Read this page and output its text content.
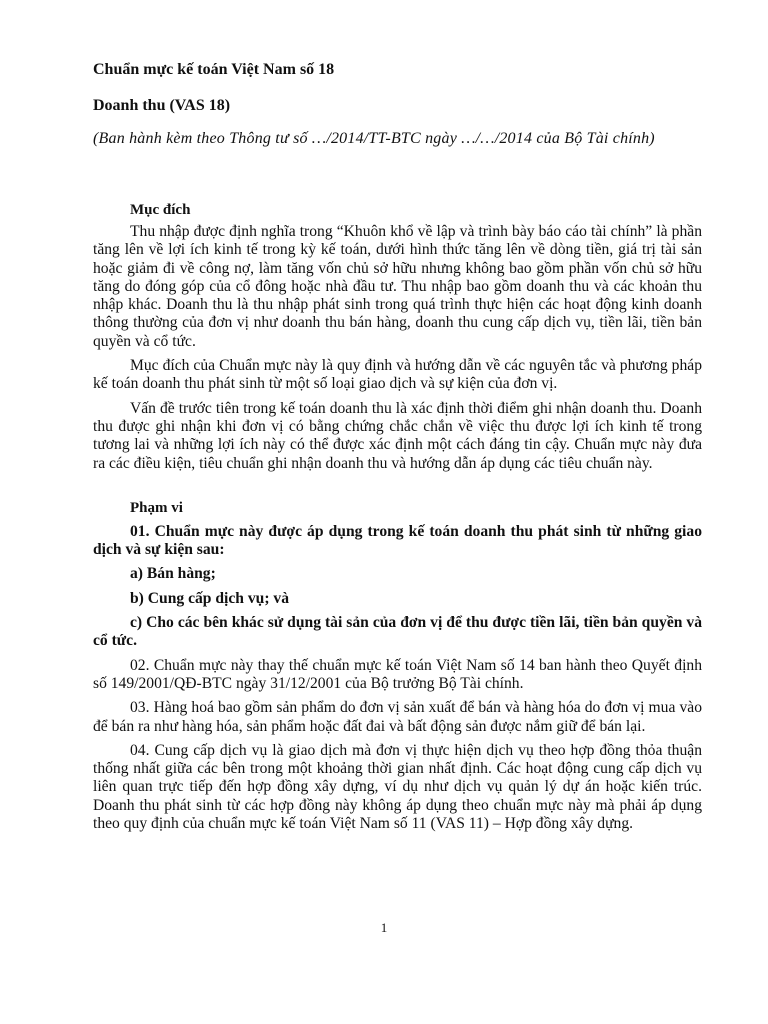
Chuẩn mực kế toán Việt Nam số 18

Doanh thu (VAS 18)

(Ban hành kèm theo Thông tư số …/2014/TT-BTC ngày …/…/2014 của Bộ Tài chính)

Mục đích

Thu nhập được định nghĩa trong “Khuôn khổ về lập và trình bày báo cáo tài chính” là phần tăng lên về lợi ích kinh tế trong kỳ kế toán, dưới hình thức tăng lên về dòng tiền, giá trị tài sản hoặc giảm đi về công nợ, làm tăng vốn chủ sở hữu nhưng không bao gồm phần vốn chủ sở hữu tăng do đóng góp của cổ đông hoặc nhà đầu tư. Thu nhập bao gồm doanh thu và các khoản thu nhập khác. Doanh thu là thu nhập phát sinh trong quá trình thực hiện các hoạt động kinh doanh thông thường của đơn vị như doanh thu bán hàng, doanh thu cung cấp dịch vụ, tiền lãi, tiền bản quyền và cổ tức.

Mục đích của Chuẩn mực này là quy định và hướng dẫn về các nguyên tắc và phương pháp kế toán doanh thu phát sinh từ một số loại giao dịch và sự kiện của đơn vị.

Vấn đề trước tiên trong kế toán doanh thu là xác định thời điểm ghi nhận doanh thu. Doanh thu được ghi nhận khi đơn vị có bằng chứng chắc chắn về việc thu được lợi ích kinh tế trong tương lai và những lợi ích này có thể được xác định một cách đáng tin cậy. Chuẩn mực này đưa ra các điều kiện, tiêu chuẩn ghi nhận doanh thu và hướng dẫn áp dụng các tiêu chuẩn này.

Phạm vi

01. Chuẩn mực này được áp dụng trong kế toán doanh thu phát sinh từ những giao dịch và sự kiện sau:

a) Bán hàng;

b) Cung cấp dịch vụ; và

c) Cho các bên khác sử dụng tài sản của đơn vị để thu được tiền lãi, tiền bản quyền và cổ tức.

02. Chuẩn mực này thay thế chuẩn mực kế toán Việt Nam số 14 ban hành theo Quyết định số 149/2001/QĐ-BTC ngày 31/12/2001 của Bộ trưởng Bộ Tài chính.

03. Hàng hoá bao gồm sản phẩm do đơn vị sản xuất để bán và hàng hóa do đơn vị mua vào để bán ra như hàng hóa, sản phẩm hoặc đất đai và bất động sản được nắm giữ để bán lại.

04. Cung cấp dịch vụ là giao dịch mà đơn vị thực hiện dịch vụ theo hợp đồng thỏa thuận thống nhất giữa các bên trong một khoảng thời gian nhất định. Các hoạt động cung cấp dịch vụ liên quan trực tiếp đến hợp đồng xây dựng, ví dụ như dịch vụ quản lý dự án hoặc kiến trúc. Doanh thu phát sinh từ các hợp đồng này không áp dụng theo chuẩn mực này mà phải áp dụng theo quy định của chuẩn mực kế toán Việt Nam số 11 (VAS 11) – Hợp đồng xây dựng.

1
